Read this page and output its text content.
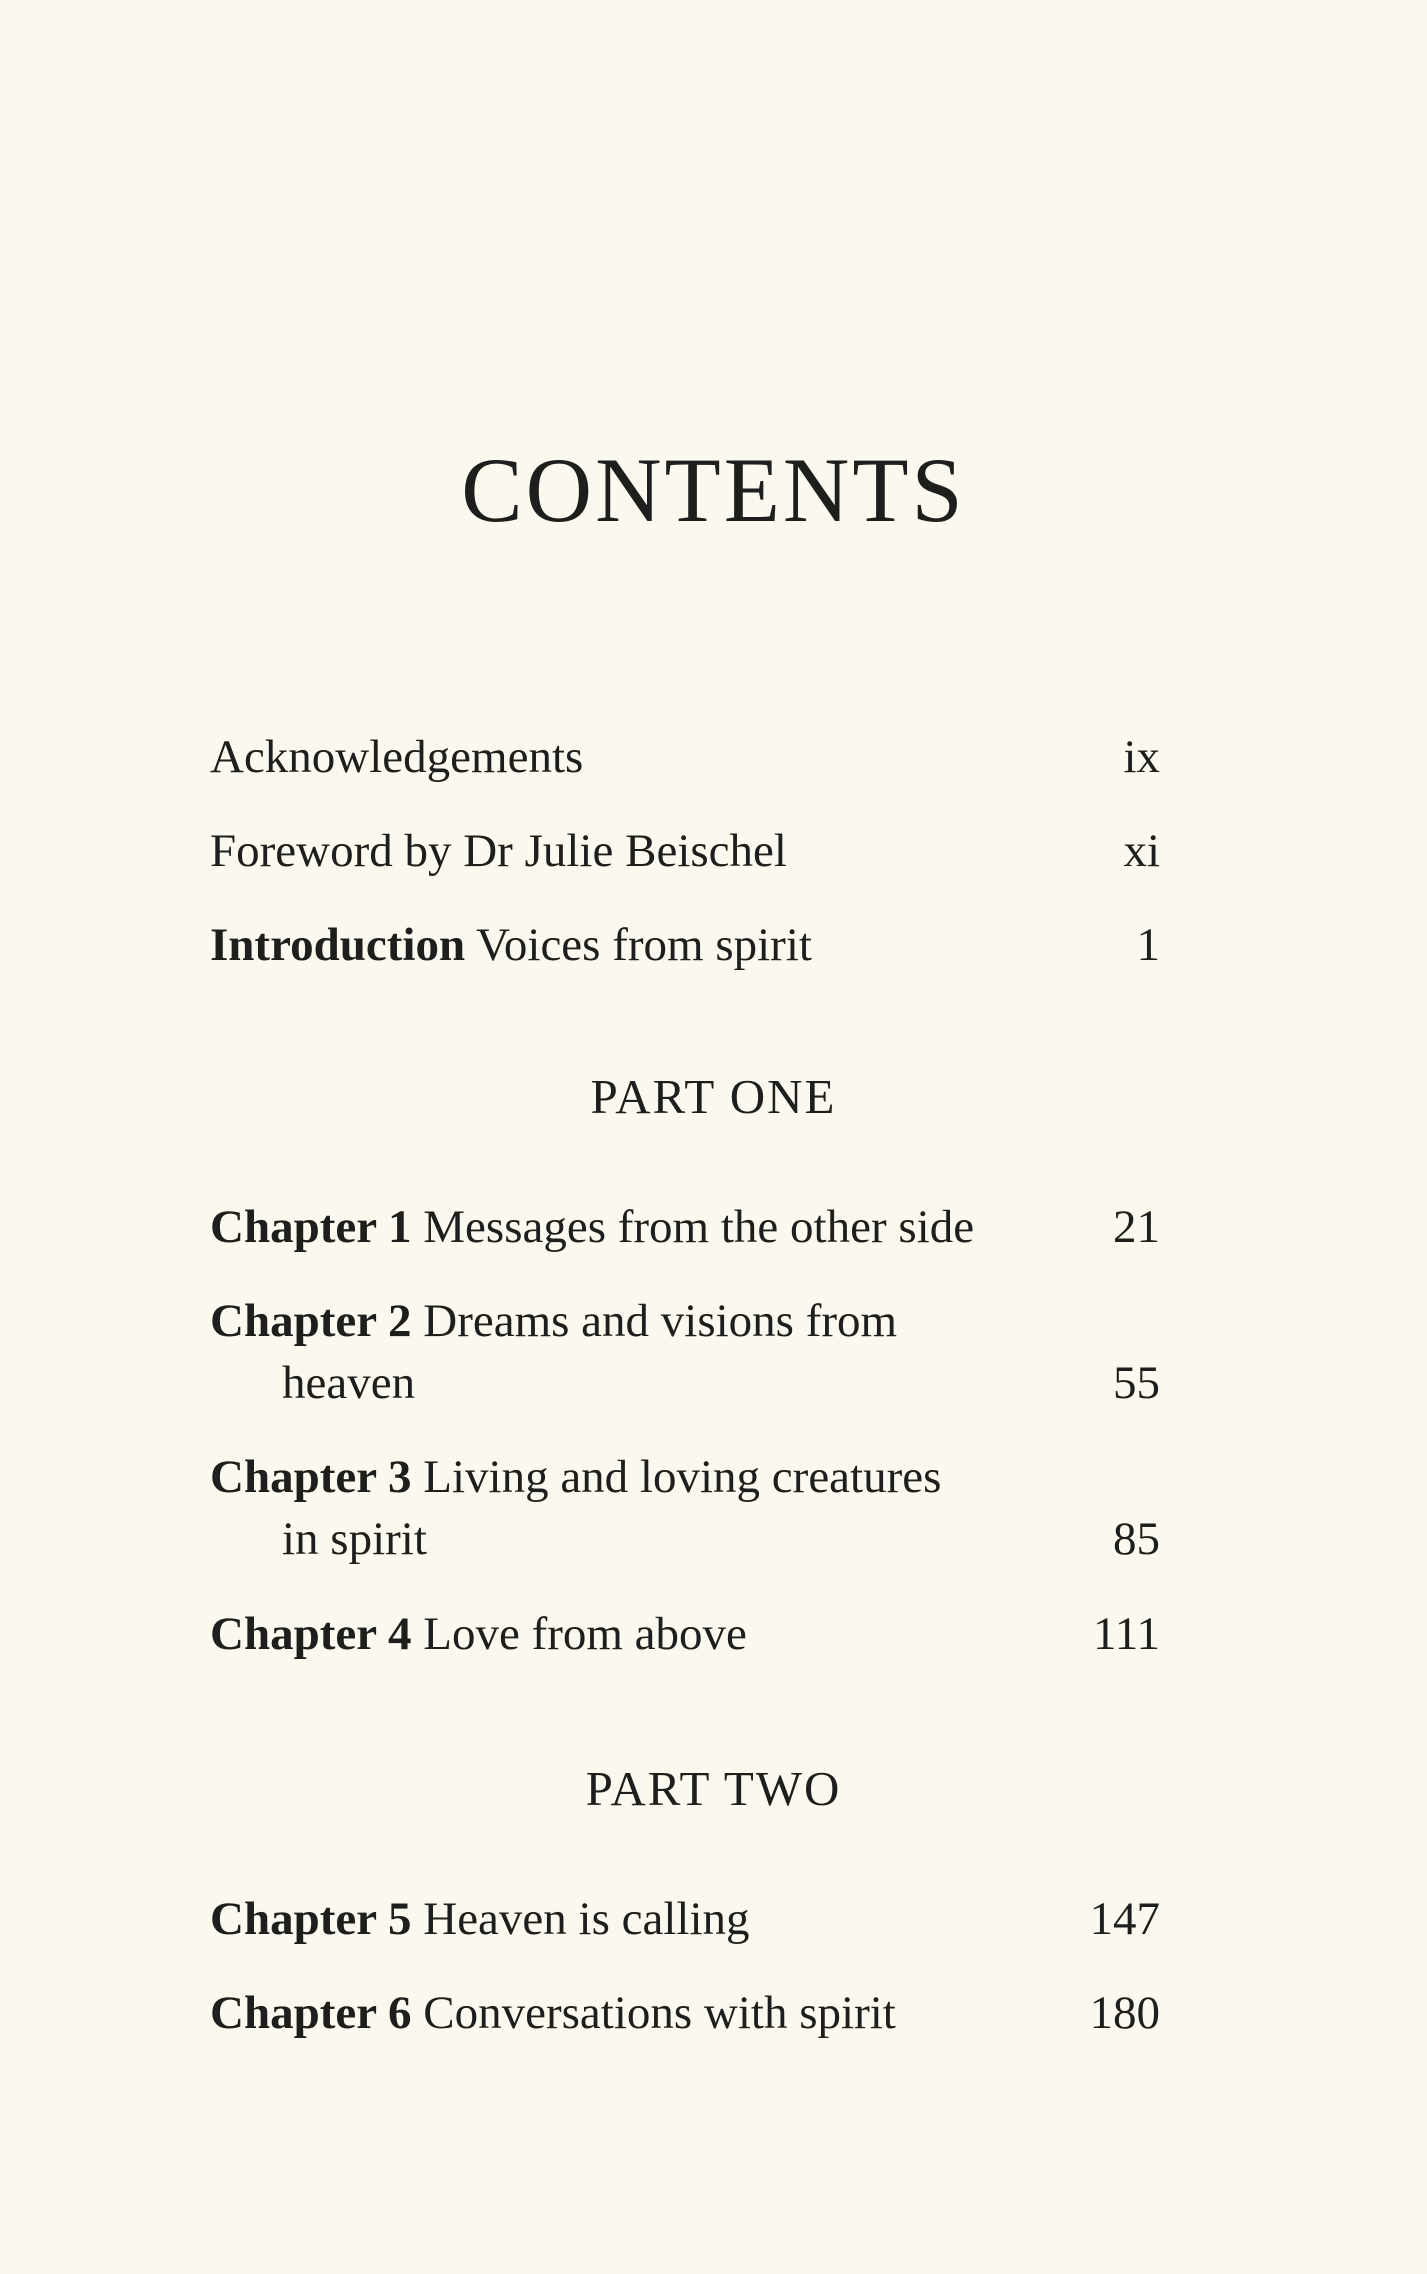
CONTENTS
Acknowledgements	ix
Foreword by Dr Julie Beischel	xi
Introduction Voices from spirit	1
PART ONE
Chapter 1 Messages from the other side	21
Chapter 2 Dreams and visions from
heaven	55
Chapter 3 Living and loving creatures
in spirit	85
Chapter 4 Love from above	111
PART TWO
Chapter 5 Heaven is calling	147
Chapter 6 Conversations with spirit	180
